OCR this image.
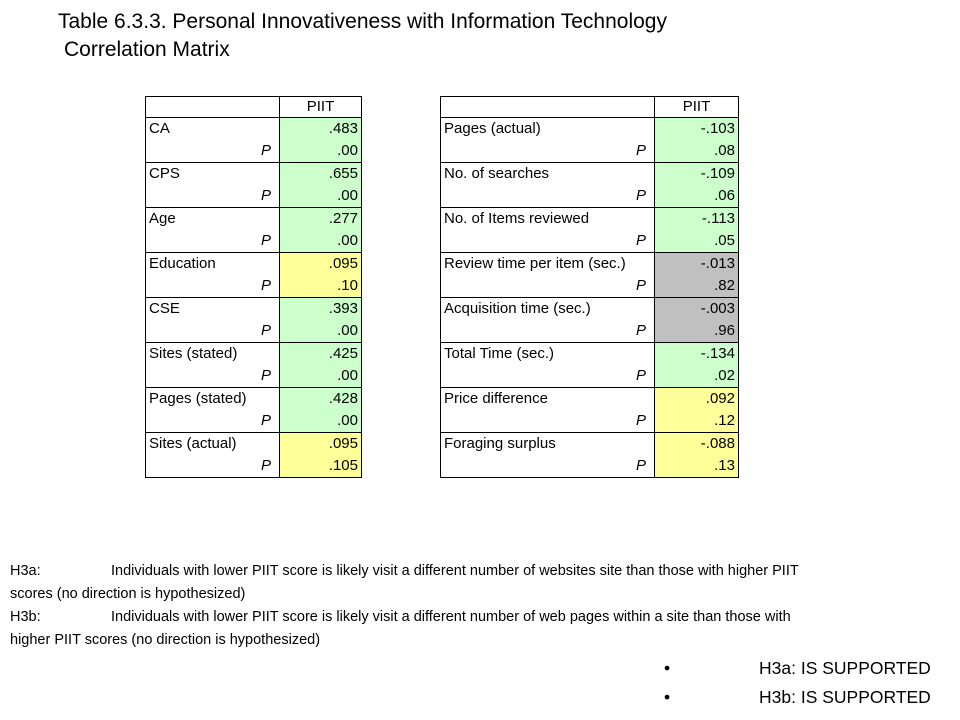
Table 6.3.3. Personal Innovativeness with Information Technology
Correlation Matrix
	PIIT
CA	.483
P	.00
CPS	.655
P	.00
Age	.277
P	.00
Education	.095
P	.10
CSE	.393
P	.00
Sites (stated)	.425
P	.00
Pages (stated)	.428
P	.00
Sites (actual)	.095
P	.105
	PIIT
Pages (actual)	-.103
P	.08
No. of searches	-.109
P	.06
No. of Items reviewed	-.113
P	.05
Review time per item (sec.)	-.013
P	.82
Acquisition time (sec.)	-.003
P	.96
Total Time (sec.)	-.134
P	.02
Price difference	.092
P	.12
Foraging surplus	-.088
P	.13
H3a:	Individuals with lower PIIT score is likely visit a different number of websites site than those with higher PIIT
scores (no direction is hypothesized)
H3b:	Individuals with lower PIIT score is likely visit a different number of web pages within a site than those with
higher PIIT scores (no direction is hypothesized)
•	H3a: IS SUPPORTED
•	H3b: IS SUPPORTED
